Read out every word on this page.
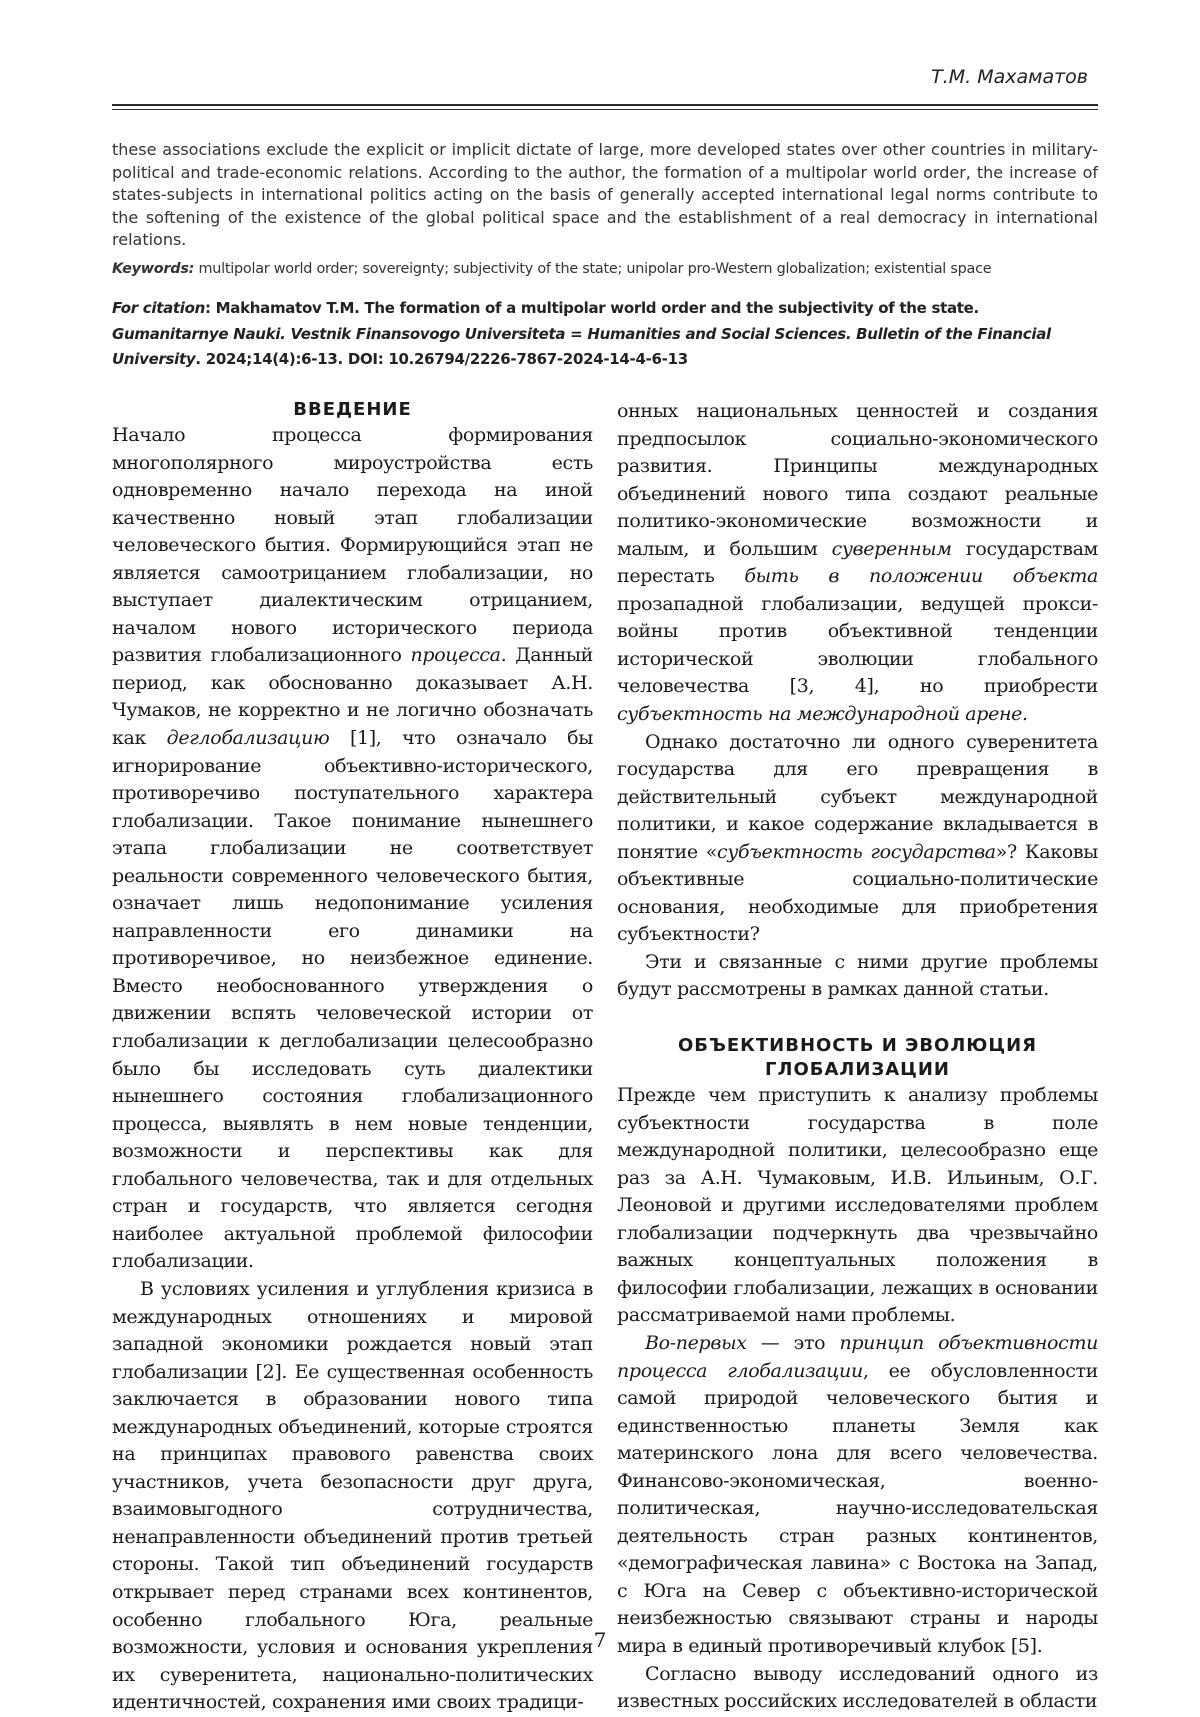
Т.М. Махаматов

these associations exclude the explicit or implicit dictate of large, more developed states over other countries in military-political and trade-economic relations. According to the author, the formation of a multipolar world order, the increase of states-subjects in international politics acting on the basis of generally accepted international legal norms contribute to the softening of the existence of the global political space and the establishment of a real democracy in international relations.

Keywords: multipolar world order; sovereignty; subjectivity of the state; unipolar pro-Western globalization; existential space

For citation: Makhamatov T.M. The formation of a multipolar world order and the subjectivity of the state. Gumanitarnye Nauki. Vestnik Finansovogo Universiteta = Humanities and Social Sciences. Bulletin of the Financial University. 2024;14(4):6-13. DOI: 10.26794/2226-7867-2024-14-4-6-13

ВВЕДЕНИЕ

Начало процесса формирования многополярного мироустройства есть одновременно начало перехода на иной качественно новый этап глобализации человеческого бытия. Формирующийся этап не является самоотрицанием глобализации, но выступает диалектическим отрицанием, началом нового исторического периода развития глобализационного процесса. Данный период, как обоснованно доказывает А.Н. Чумаков, не корректно и не логично обозначать как деглобализацию [1], что означало бы игнорирование объективно-исторического, противоречиво поступательного характера глобализации. Такое понимание нынешнего этапа глобализации не соответствует реальности современного человеческого бытия, означает лишь недопонимание усиления направленности его динамики на противоречивое, но неизбежное единение. Вместо необоснованного утверждения о движении вспять человеческой истории от глобализации к деглобализации целесообразно было бы исследовать суть диалектики нынешнего состояния глобализационного процесса, выявлять в нем новые тенденции, возможности и перспективы как для глобального человечества, так и для отдельных стран и государств, что является сегодня наиболее актуальной проблемой философии глобализации.

В условиях усиления и углубления кризиса в международных отношениях и мировой западной экономики рождается новый этап глобализации [2]. Ее существенная особенность заключается в образовании нового типа международных объединений, которые строятся на принципах правового равенства своих участников, учета безопасности друг друга, взаимовыгодного сотрудничества, ненаправленности объединений против третьей стороны. Такой тип объединений государств открывает перед странами всех континентов, особенно глобального Юга, реальные возможности, условия и основания укрепления их суверенитета, национально-политических идентичностей, сохранения ими своих традици-

онных национальных ценностей и создания предпосылок социально-экономического развития. Принципы международных объединений нового типа создают реальные политико-экономические возможности и малым, и большим суверенным государствам перестать быть в положении объекта прозападной глобализации, ведущей прокси-войны против объективной тенденции исторической эволюции глобального человечества [3, 4], но приобрести субъектность на международной арене.

Однако достаточно ли одного суверенитета государства для его превращения в действительный субъект международной политики, и какое содержание вкладывается в понятие «субъектность государства»? Каковы объективные социально-политические основания, необходимые для приобретения субъектности?

Эти и связанные с ними другие проблемы будут рассмотрены в рамках данной статьи.

ОБЪЕКТИВНОСТЬ И ЭВОЛЮЦИЯ
ГЛОБАЛИЗАЦИИ

Прежде чем приступить к анализу проблемы субъектности государства в поле международной политики, целесообразно еще раз за А.Н. Чумаковым, И.В. Ильиным, О.Г. Леоновой и другими исследователями проблем глобализации подчеркнуть два чрезвычайно важных концептуальных положения в философии глобализации, лежащих в основании рассматриваемой нами проблемы.

Во-первых — это принцип объективности процесса глобализации, ее обусловленности самой природой человеческого бытия и единственностью планеты Земля как материнского лона для всего человечества. Финансово-экономическая, военно-политическая, научно-исследовательская деятельность стран разных континентов, «демографическая лавина» с Востока на Запад, с Юга на Север с объективно-исторической неизбежностью связывают страны и народы мира в единый противоречивый клубок [5].

Согласно выводу исследований одного из известных российских исследователей в области

7
